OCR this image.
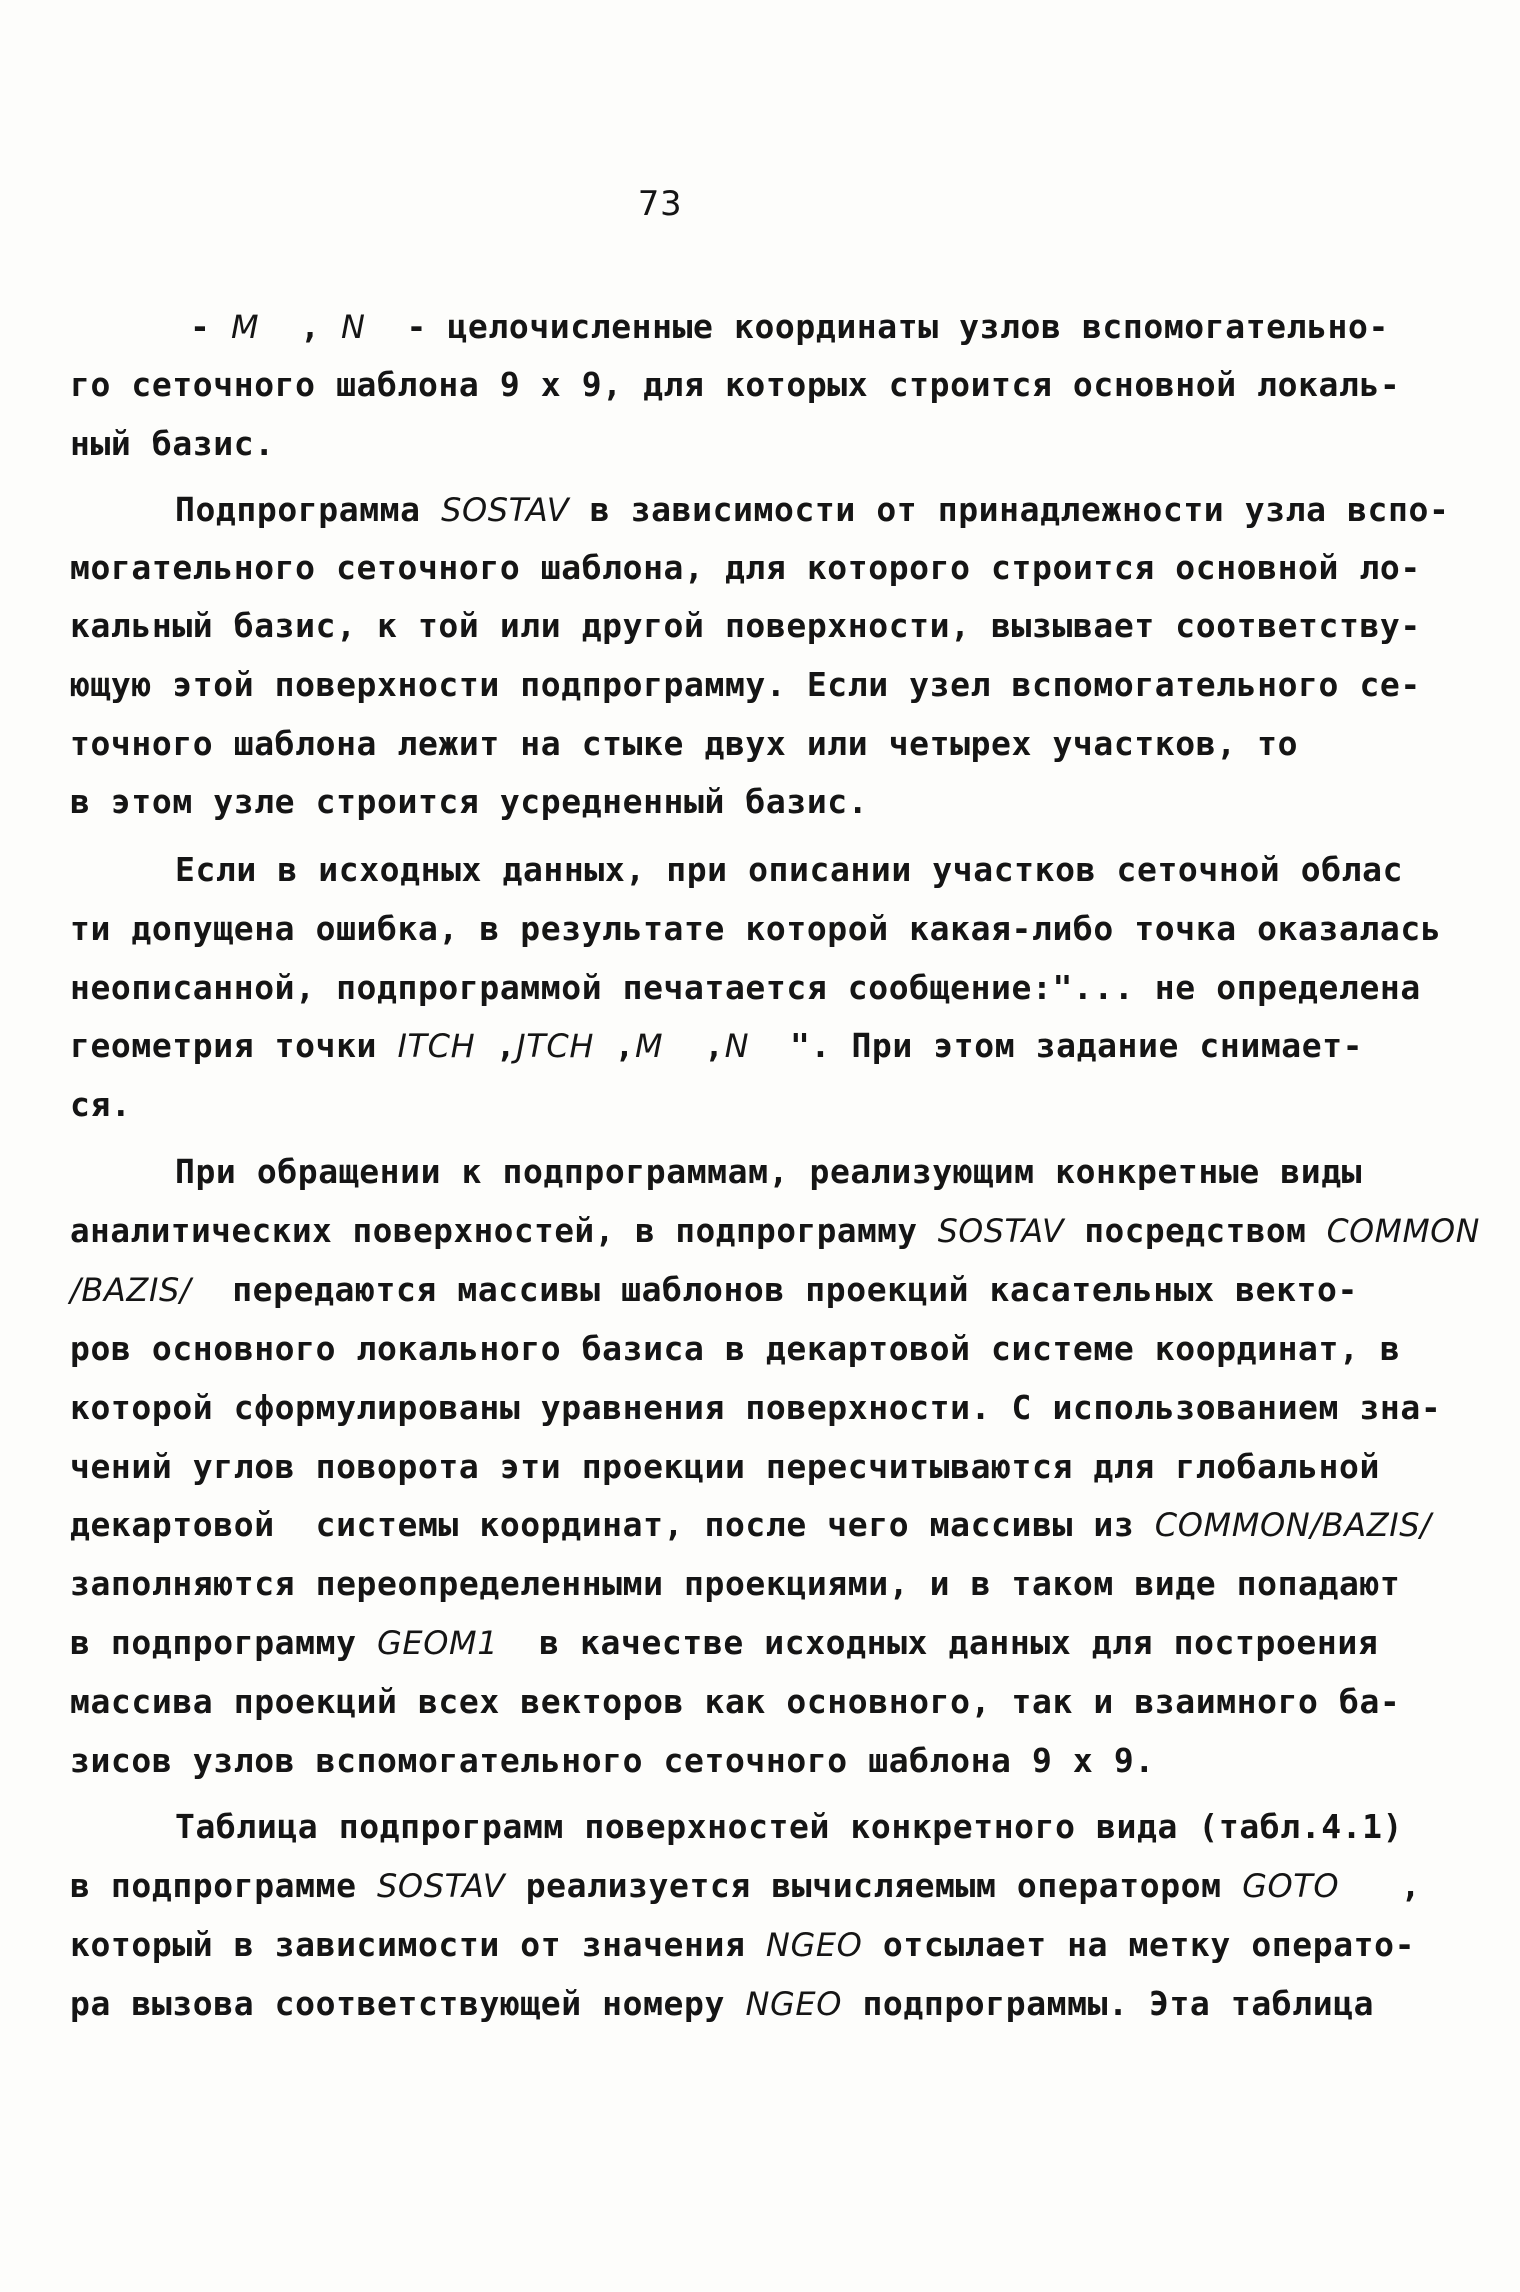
73
- M  , N  - целочисленные координаты узлов вспомогательно-
го сеточного шаблона 9 х 9, для которых строится основной локаль-
ный базис.
Подпрограмма SOSTAV в зависимости от принадлежности узла вспо-
могательного сеточного шаблона, для которого строится основной ло-
кальный базис, к той или другой поверхности, вызывает соответству-
ющую этой поверхности подпрограмму. Если узел вспомогательного се-
точного шаблона лежит на стыке двух или четырех участков, то
в этом узле строится усредненный базис.
Если в исходных данных, при описании участков сеточной облас
ти допущена ошибка, в результате которой какая-либо точка оказалась
неописанной, подпрограммой печатается сообщение:"... не определена
геометрия точки ITCH ,JTCH ,M  ,N  ". При этом задание снимает-
ся.
При обращении к подпрограммам, реализующим конкретные виды
аналитических поверхностей, в подпрограмму SOSTAV посредством COMMON
/BAZIS/  передаются массивы шаблонов проекций касательных векто-
ров основного локального базиса в декартовой системе координат, в
которой сформулированы уравнения поверхности. С использованием зна-
чений углов поворота эти проекции пересчитываются для глобальной
декартовой  системы координат, после чего массивы из COMMON/BAZIS/
заполняются переопределенными проекциями, и в таком виде попадают
в подпрограмму GEOM1  в качестве исходных данных для построения
массива проекций всех векторов как основного, так и взаимного ба-
зисов узлов вспомогательного сеточного шаблона 9 х 9.
Таблица подпрограмм поверхностей конкретного вида (табл.4.1)
в подпрограмме SOSTAV реализуется вычисляемым оператором GOTO   ,
который в зависимости от значения NGEO отсылает на метку операто-
ра вызова соответствующей номеру NGEO подпрограммы. Эта таблица
